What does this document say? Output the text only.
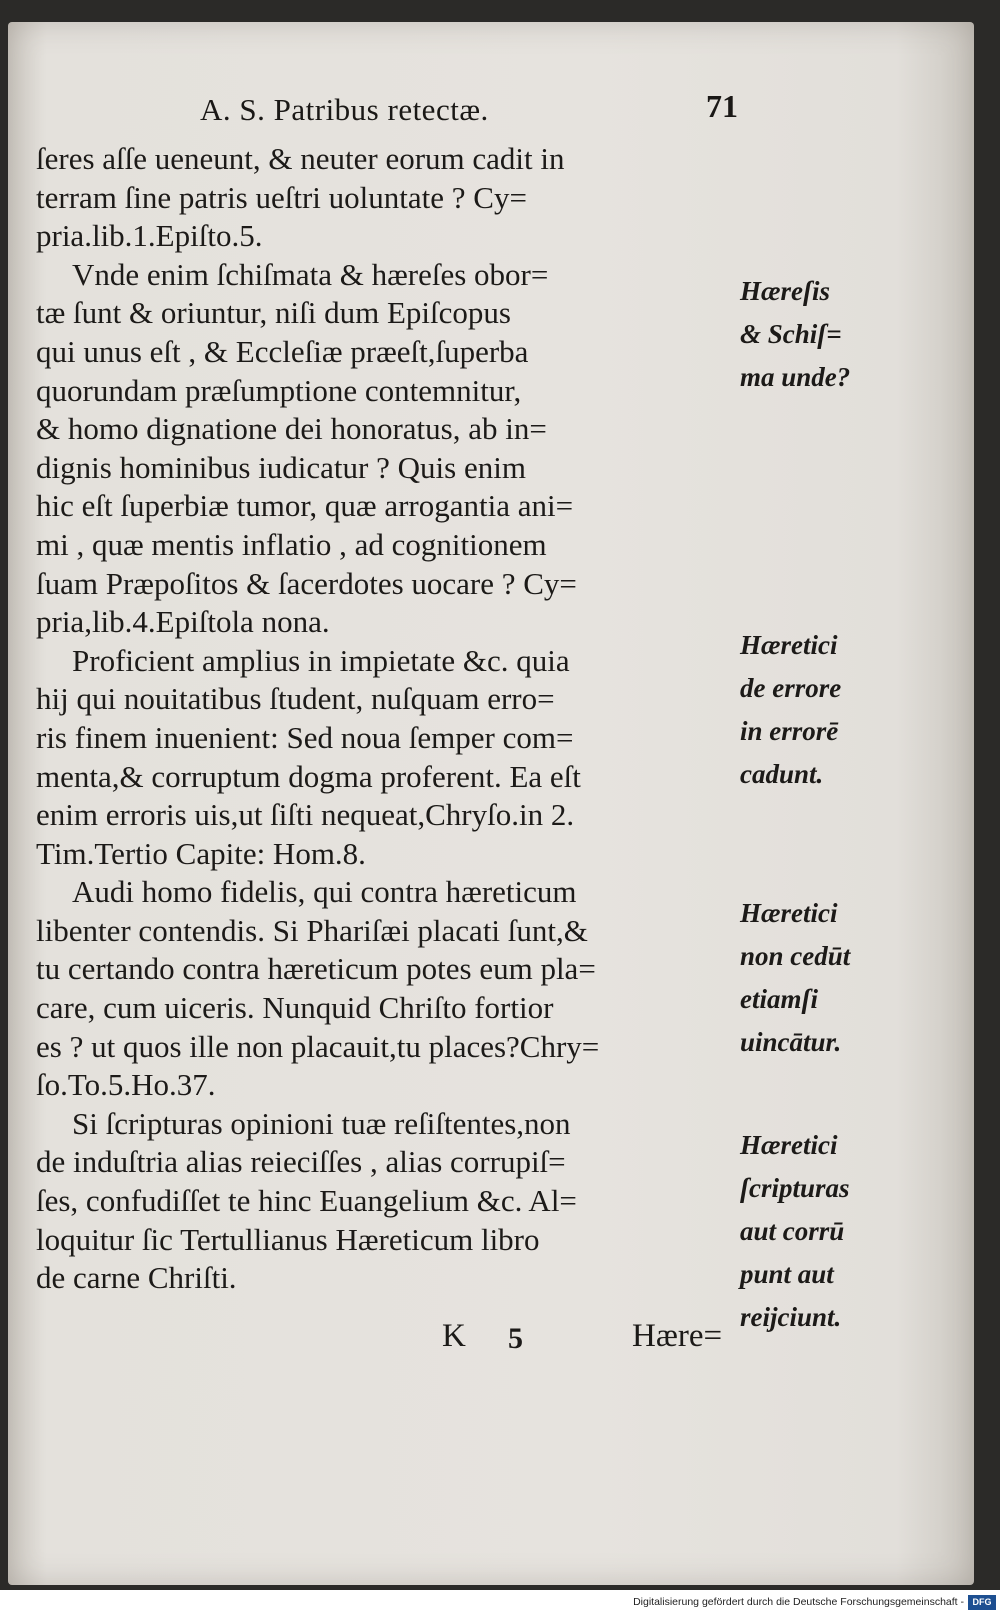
A. S. Patribus retectæ.	71
ſeres aſſe ueneunt, & neuter eorum cadit in
terram ſine patris ueſtri uoluntate ? Cy=
pria.lib.1.Epiſto.5.
Vnde enim ſchiſmata & hæreſes obor=
tæ ſunt & oriuntur, niſi dum Epiſcopus
qui unus eſt , & Eccleſiæ præeſt,ſuperba
quorundam præſumptione contemnitur,
& homo dignatione dei honoratus, ab in=
dignis hominibus iudicatur ? Quis enim
hic eſt ſuperbiæ tumor, quæ arrogantia ani=
mi , quæ mentis inflatio , ad cognitionem
ſuam Præpoſitos & ſacerdotes uocare ? Cy=
pria,lib.4.Epiſtola nona.
Proficient amplius in impietate &c. quia
hij qui nouitatibus ſtudent, nuſquam erro=
ris finem inuenient: Sed noua ſemper com=
menta,& corruptum dogma proferent. Ea eſt
enim erroris uis,ut ſiſti nequeat,Chryſo.in 2.
Tim.Tertio Capite: Hom.8.
Audi homo fidelis, qui contra hæreticum
libenter contendis. Si Phariſæi placati ſunt,&
tu certando contra hæreticum potes eum pla=
care, cum uiceris. Nunquid Chriſto fortior
es ? ut quos ille non placauit,tu places?Chry=
ſo.To.5.Ho.37.
Si ſcripturas opinioni tuæ reſiſtentes,non
de induſtria alias reieciſſes , alias corrupiſ=
ſes, confudiſſet te hinc Euangelium &c. Al=
loquitur ſic Tertullianus Hæreticum libro
de carne Chriſti.
Hæreſis
& Schiſ=
ma unde?
Hæretici
de errore
in errorē
cadunt.
Hæretici
non cedūt
etiamſi
uincātur.
Hæretici
ſcripturas
aut corrū
punt aut
reijciunt.
K 5	Hære=
Digitalisierung gefördert durch die Deutsche Forschungsgemeinschaft - DFG
